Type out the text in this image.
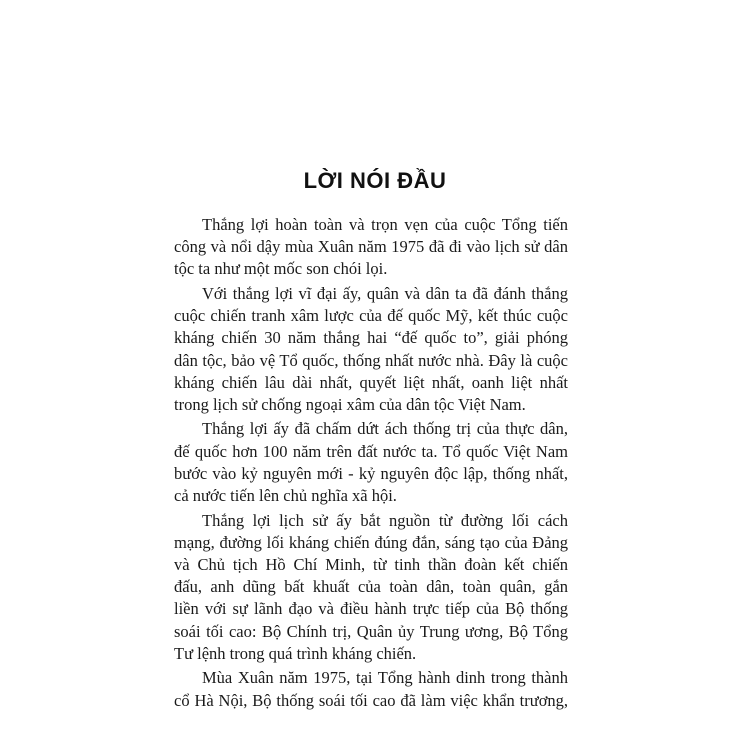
LỜI NÓI ĐẦU
Thắng lợi hoàn toàn và trọn vẹn của cuộc Tổng tiến
công và nổi dậy mùa Xuân năm 1975 đã đi vào lịch sử dân
tộc ta như một mốc son chói lọi.
Với thắng lợi vĩ đại ấy, quân và dân ta đã đánh thắng
cuộc chiến tranh xâm lược của đế quốc Mỹ, kết thúc cuộc
kháng chiến 30 năm thắng hai “đế quốc to”, giải phóng
dân tộc, bảo vệ Tổ quốc, thống nhất nước nhà. Đây là cuộc
kháng chiến lâu dài nhất, quyết liệt nhất, oanh liệt nhất
trong lịch sử chống ngoại xâm của dân tộc Việt Nam.
Thắng lợi ấy đã chấm dứt ách thống trị của thực dân,
đế quốc hơn 100 năm trên đất nước ta. Tổ quốc Việt Nam
bước vào kỷ nguyên mới - kỷ nguyên độc lập, thống nhất,
cả nước tiến lên chủ nghĩa xã hội.
Thắng lợi lịch sử ấy bắt nguồn từ đường lối cách
mạng, đường lối kháng chiến đúng đắn, sáng tạo của Đảng
và Chủ tịch Hồ Chí Minh, từ tinh thần đoàn kết chiến
đấu, anh dũng bất khuất của toàn dân, toàn quân, gắn
liền với sự lãnh đạo và điều hành trực tiếp của Bộ thống
soái tối cao: Bộ Chính trị, Quân ủy Trung ương, Bộ Tổng
Tư lệnh trong quá trình kháng chiến.
Mùa Xuân năm 1975, tại Tổng hành dinh trong thành
cổ Hà Nội, Bộ thống soái tối cao đã làm việc khẩn trương,
